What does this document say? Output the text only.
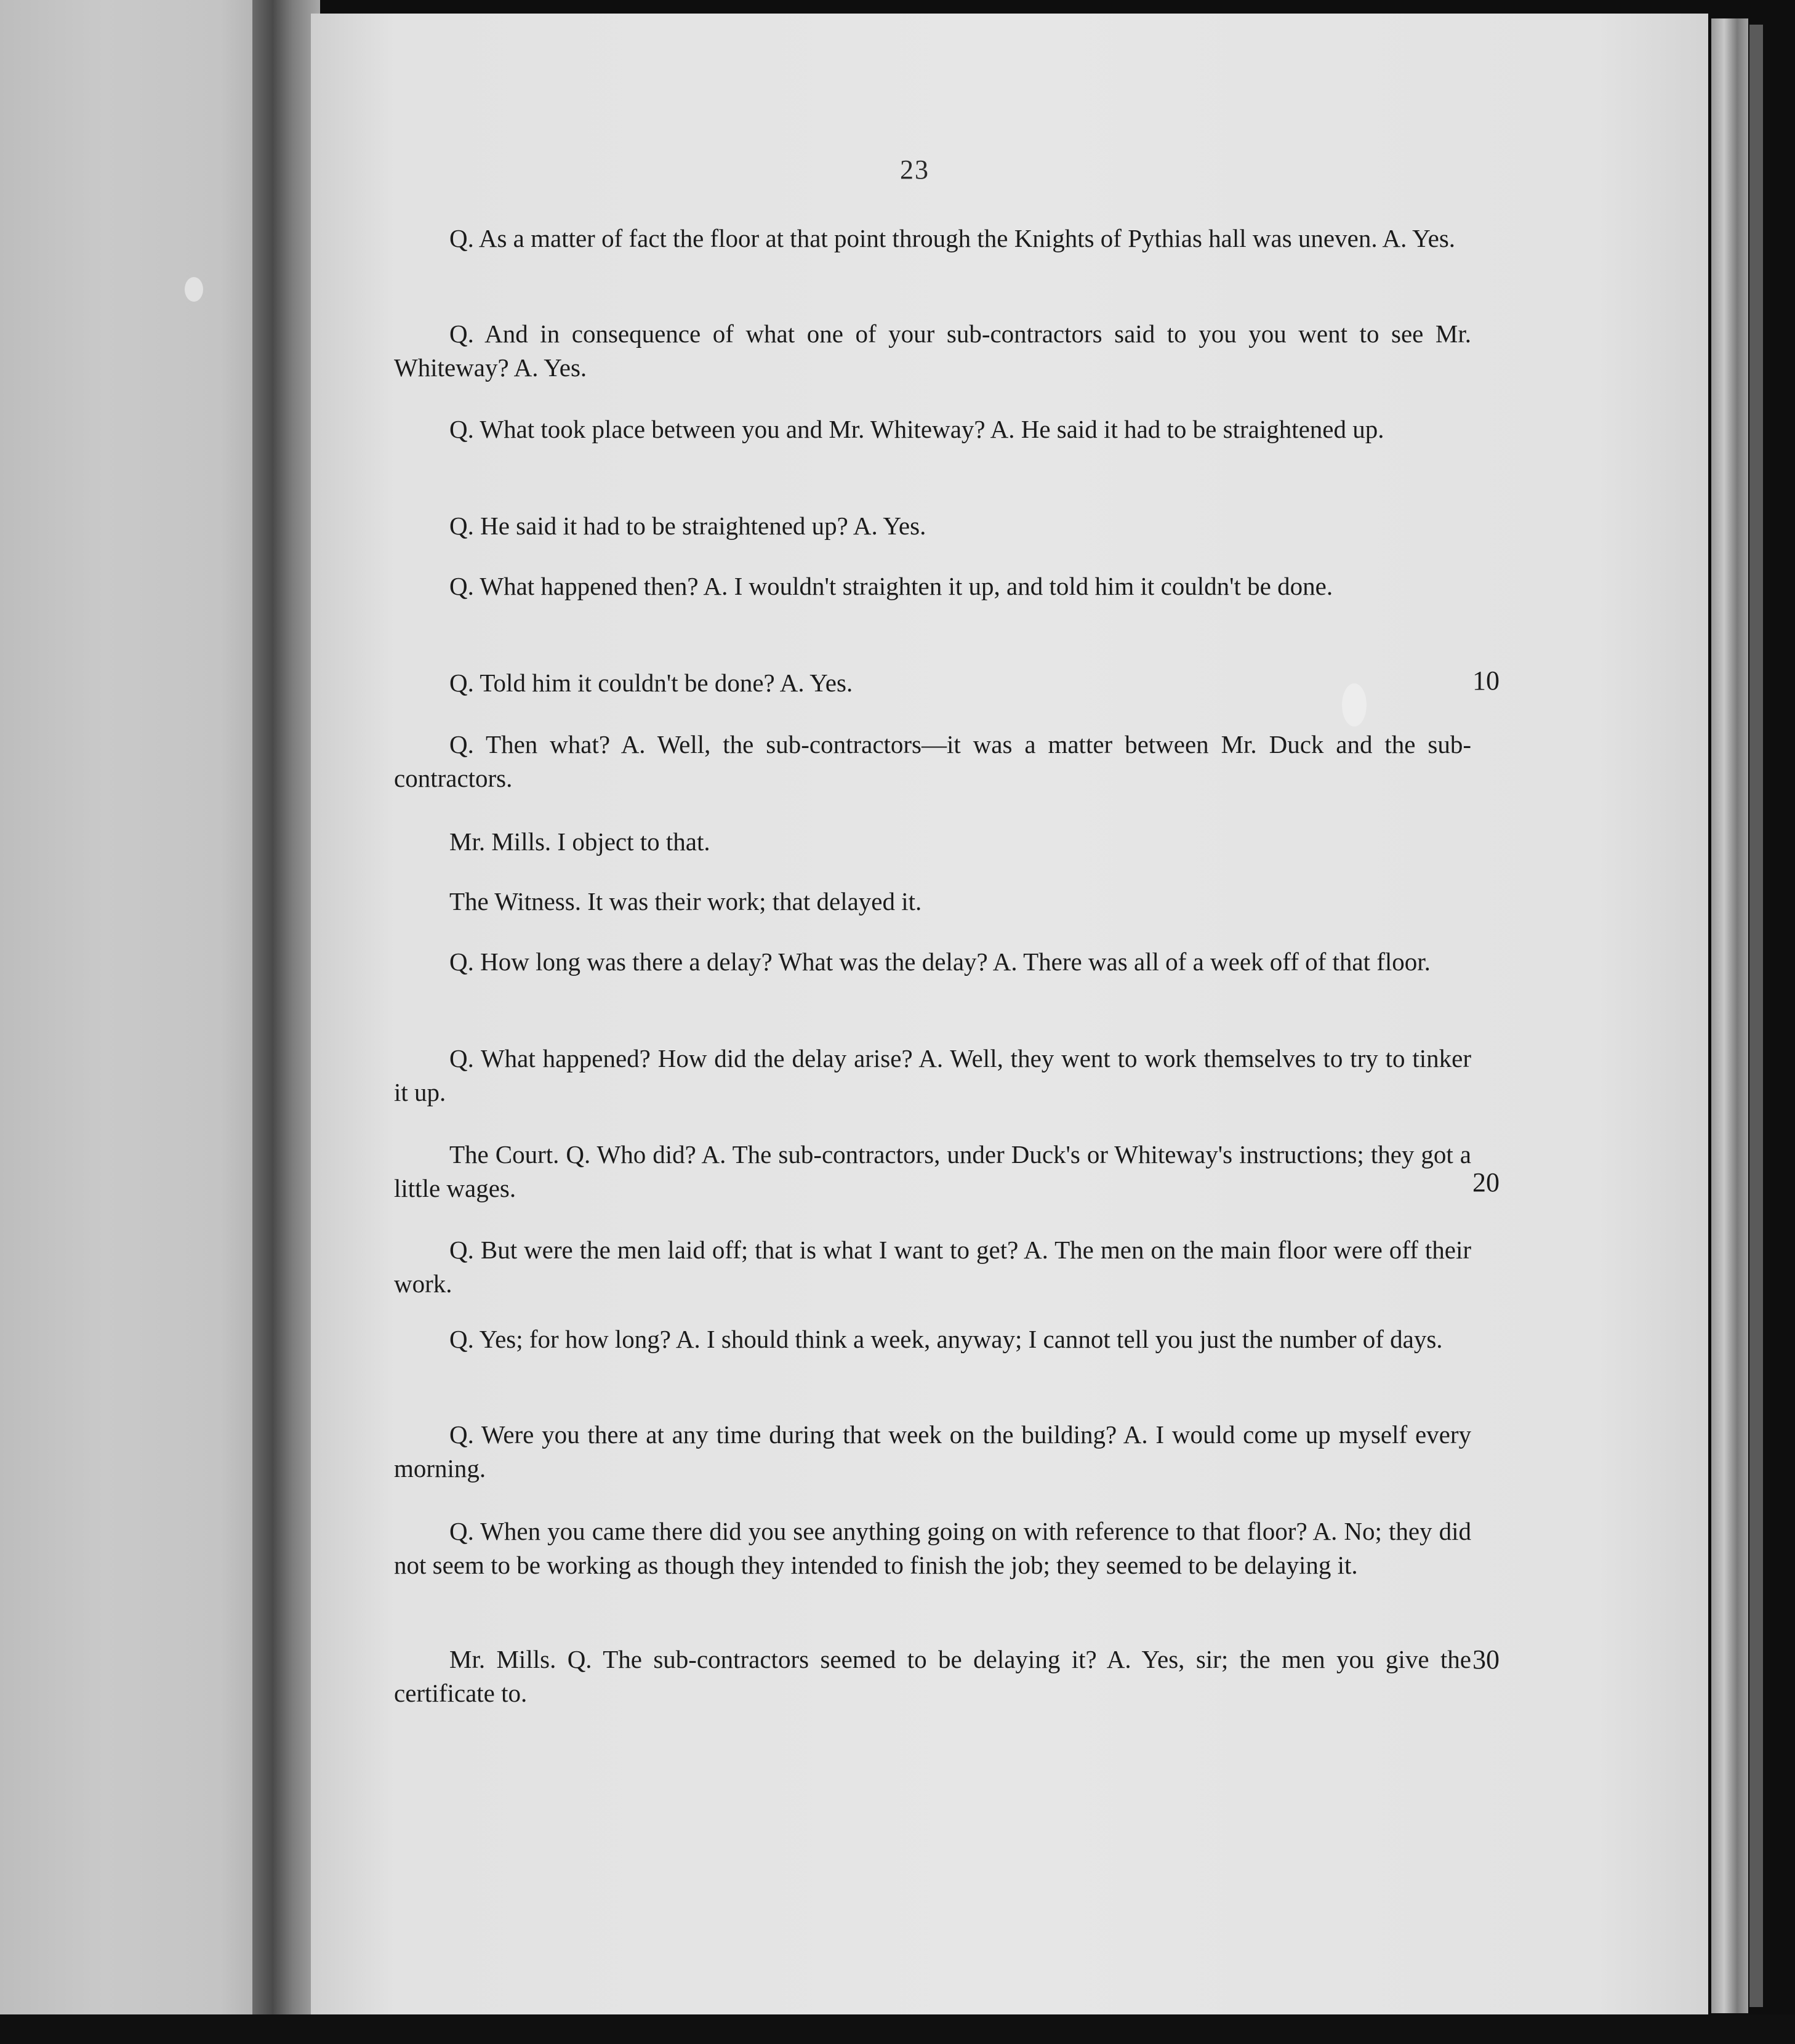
23

Q. As a matter of fact the floor at that point through the Knights of Pythias hall was uneven. A. Yes.

Q. And in consequence of what one of your sub-contractors said to you you went to see Mr. Whiteway? A. Yes.

Q. What took place between you and Mr. Whiteway? A. He said it had to be straightened up.

Q. He said it had to be straightened up? A. Yes.

Q. What happened then? A. I wouldn't straighten it up, and told him it couldn't be done.

Q. Told him it couldn't be done? A. Yes.

Q. Then what? A. Well, the sub-contractors—it was a matter between Mr. Duck and the sub-contractors.

Mr. Mills. I object to that.

The Witness. It was their work; that delayed it.

Q. How long was there a delay? What was the delay? A. There was all of a week off of that floor.

Q. What happened? How did the delay arise? A. Well, they went to work themselves to try to tinker it up.

The Court. Q. Who did? A. The sub-contractors, under Duck's or Whiteway's instructions; they got a little wages.

Q. But were the men laid off; that is what I want to get? A. The men on the main floor were off their work.

Q. Yes; for how long? A. I should think a week, anyway; I cannot tell you just the number of days.

Q. Were you there at any time during that week on the building? A. I would come up myself every morning.

Q. When you came there did you see anything going on with reference to that floor? A. No; they did not seem to be working as though they intended to finish the job; they seemed to be delaying it.

Mr. Mills. Q. The sub-contractors seemed to be delaying it? A. Yes, sir; the men you give the certificate to.

10
20
30
